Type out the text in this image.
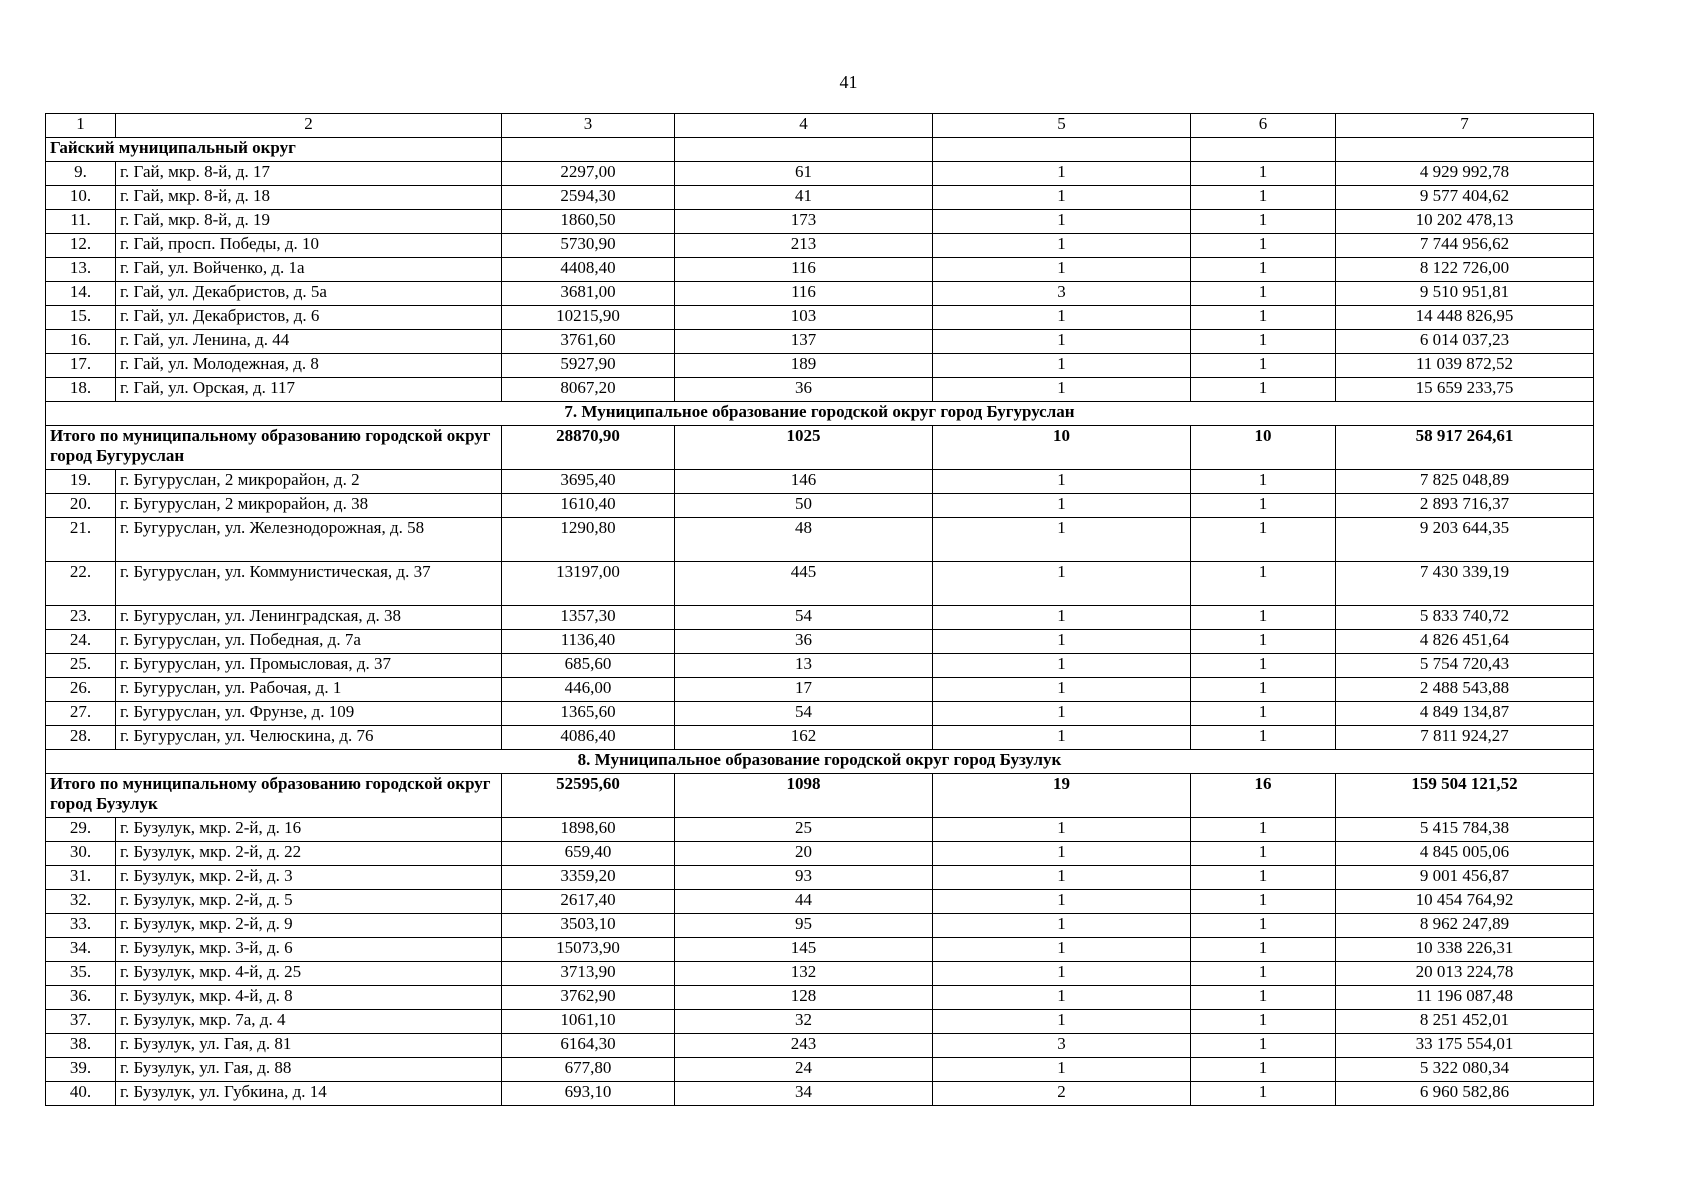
41
1	2	3	4	5	6	7
Гайский муниципальный округ						
9.	г. Гай, мкр. 8-й, д. 17	2297,00	61	1	1	4 929 992,78
10.	г. Гай, мкр. 8-й, д. 18	2594,30	41	1	1	9 577 404,62
11.	г. Гай, мкр. 8-й, д. 19	1860,50	173	1	1	10 202 478,13
12.	г. Гай, просп. Победы, д. 10	5730,90	213	1	1	7 744 956,62
13.	г. Гай, ул. Войченко, д. 1а	4408,40	116	1	1	8 122 726,00
14.	г. Гай, ул. Декабристов, д. 5а	3681,00	116	3	1	9 510 951,81
15.	г. Гай, ул. Декабристов, д. 6	10215,90	103	1	1	14 448 826,95
16.	г. Гай, ул. Ленина, д. 44	3761,60	137	1	1	6 014 037,23
17.	г. Гай, ул. Молодежная, д. 8	5927,90	189	1	1	11 039 872,52
18.	г. Гай, ул. Орская, д. 117	8067,20	36	1	1	15 659 233,75
7. Муниципальное образование городской округ город Бугуруслан						
Итого по муниципальному образованию городской округ город Бугуруслан		28870,90	1025	10	10	58 917 264,61
19.	г. Бугуруслан, 2 микрорайон, д. 2	3695,40	146	1	1	7 825 048,89
20.	г. Бугуруслан, 2 микрорайон, д. 38	1610,40	50	1	1	2 893 716,37
21.	г. Бугуруслан, ул. Железнодорожная, д. 58	1290,80	48	1	1	9 203 644,35
22.	г. Бугуруслан, ул. Коммунистическая, д. 37	13197,00	445	1	1	7 430 339,19
23.	г. Бугуруслан, ул. Ленинградская, д. 38	1357,30	54	1	1	5 833 740,72
24.	г. Бугуруслан, ул. Победная, д. 7а	1136,40	36	1	1	4 826 451,64
25.	г. Бугуруслан, ул. Промысловая, д. 37	685,60	13	1	1	5 754 720,43
26.	г. Бугуруслан, ул. Рабочая, д. 1	446,00	17	1	1	2 488 543,88
27.	г. Бугуруслан, ул. Фрунзе, д. 109	1365,60	54	1	1	4 849 134,87
28.	г. Бугуруслан, ул. Челюскина, д. 76	4086,40	162	1	1	7 811 924,27
8. Муниципальное образование городской округ город Бузулук						
Итого по муниципальному образованию городской округ город Бузулук		52595,60	1098	19	16	159 504 121,52
29.	г. Бузулук, мкр. 2-й, д. 16	1898,60	25	1	1	5 415 784,38
30.	г. Бузулук, мкр. 2-й, д. 22	659,40	20	1	1	4 845 005,06
31.	г. Бузулук, мкр. 2-й, д. 3	3359,20	93	1	1	9 001 456,87
32.	г. Бузулук, мкр. 2-й, д. 5	2617,40	44	1	1	10 454 764,92
33.	г. Бузулук, мкр. 2-й, д. 9	3503,10	95	1	1	8 962 247,89
34.	г. Бузулук, мкр. 3-й, д. 6	15073,90	145	1	1	10 338 226,31
35.	г. Бузулук, мкр. 4-й, д. 25	3713,90	132	1	1	20 013 224,78
36.	г. Бузулук, мкр. 4-й, д. 8	3762,90	128	1	1	11 196 087,48
37.	г. Бузулук, мкр. 7а, д. 4	1061,10	32	1	1	8 251 452,01
38.	г. Бузулук, ул. Гая, д. 81	6164,30	243	3	1	33 175 554,01
39.	г. Бузулук, ул. Гая, д. 88	677,80	24	1	1	5 322 080,34
40.	г. Бузулук, ул. Губкина, д. 14	693,10	34	2	1	6 960 582,86
